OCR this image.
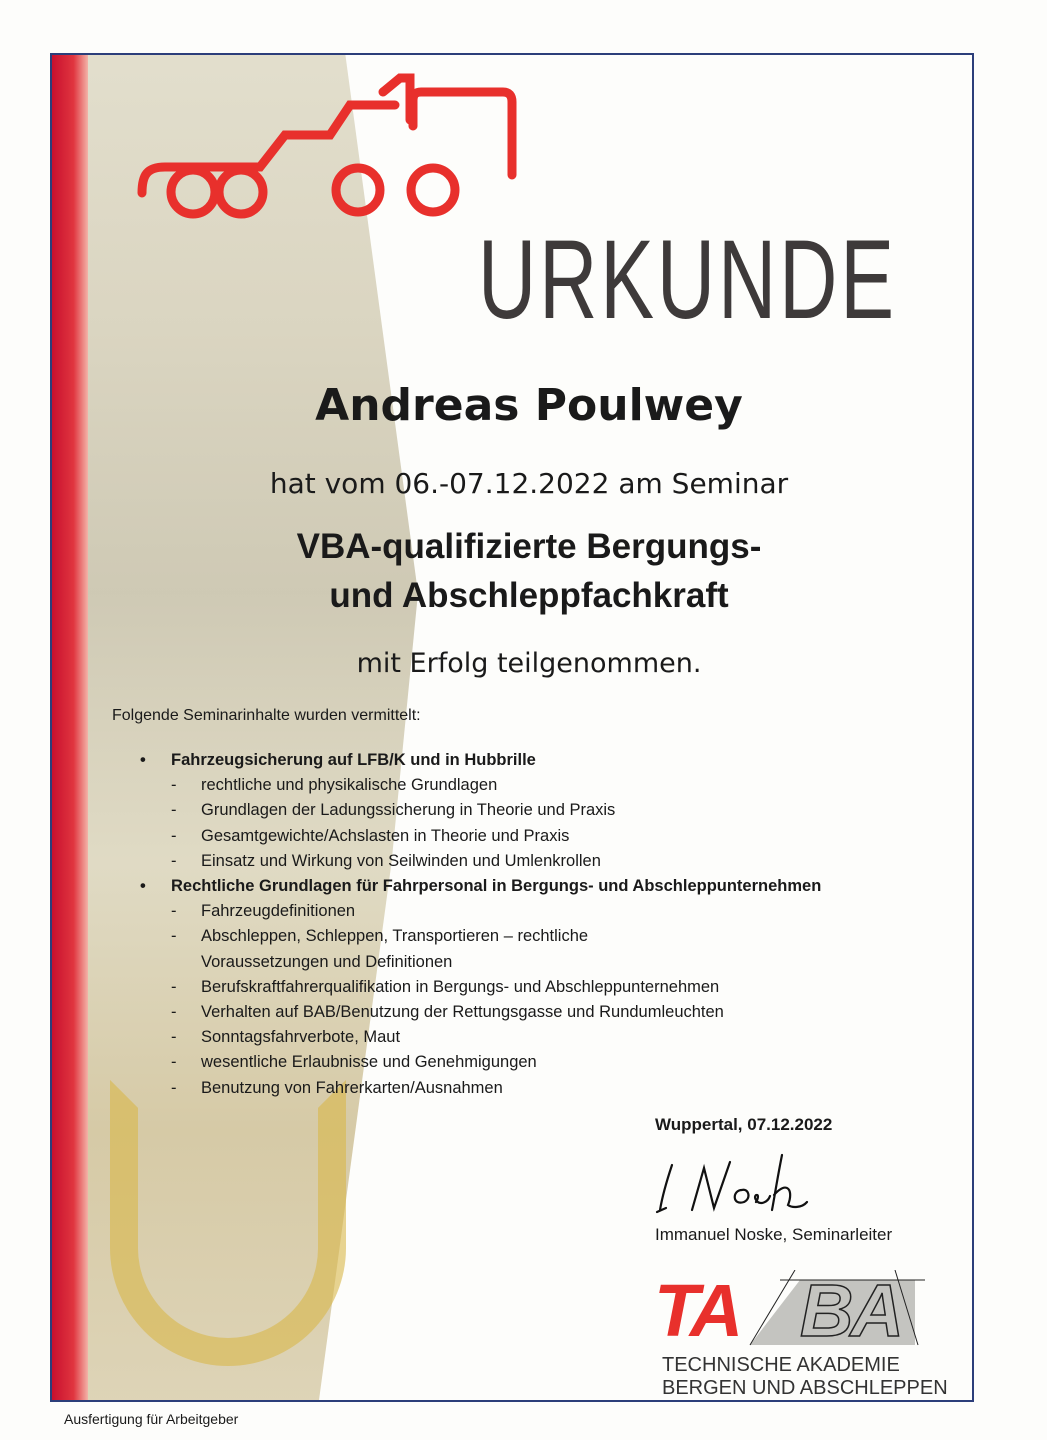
URKUNDE
Andreas Poulwey
hat vom 06.-07.12.2022 am Seminar
VBA-qualifizierte Bergungs-
und Abschleppfachkraft
mit Erfolg teilgenommen.
Folgende Seminarinhalte wurden vermittelt:
•	Fahrzeugsicherung auf LFB/K und in Hubbrille
-	rechtliche und physikalische Grundlagen
-	Grundlagen der Ladungssicherung in Theorie und Praxis
-	Gesamtgewichte/Achslasten in Theorie und Praxis
-	Einsatz und Wirkung von Seilwinden und Umlenkrollen
•	Rechtliche Grundlagen für Fahrpersonal in Bergungs- und Abschleppunternehmen
-	Fahrzeugdefinitionen
-	Abschleppen, Schleppen, Transportieren – rechtliche Voraussetzungen und Definitionen
-	Berufskraftfahrerqualifikation in Bergungs- und Abschleppunternehmen
-	Verhalten auf BAB/Benutzung der Rettungsgasse und Rundumleuchten
-	Sonntagsfahrverbote, Maut
-	wesentliche Erlaubnisse und Genehmigungen
-	Benutzung von Fahrerkarten/Ausnahmen
Wuppertal, 07.12.2022
Immanuel Noske, Seminarleiter
TA BA
TECHNISCHE AKADEMIE
BERGEN UND ABSCHLEPPEN
Ausfertigung für Arbeitgeber
